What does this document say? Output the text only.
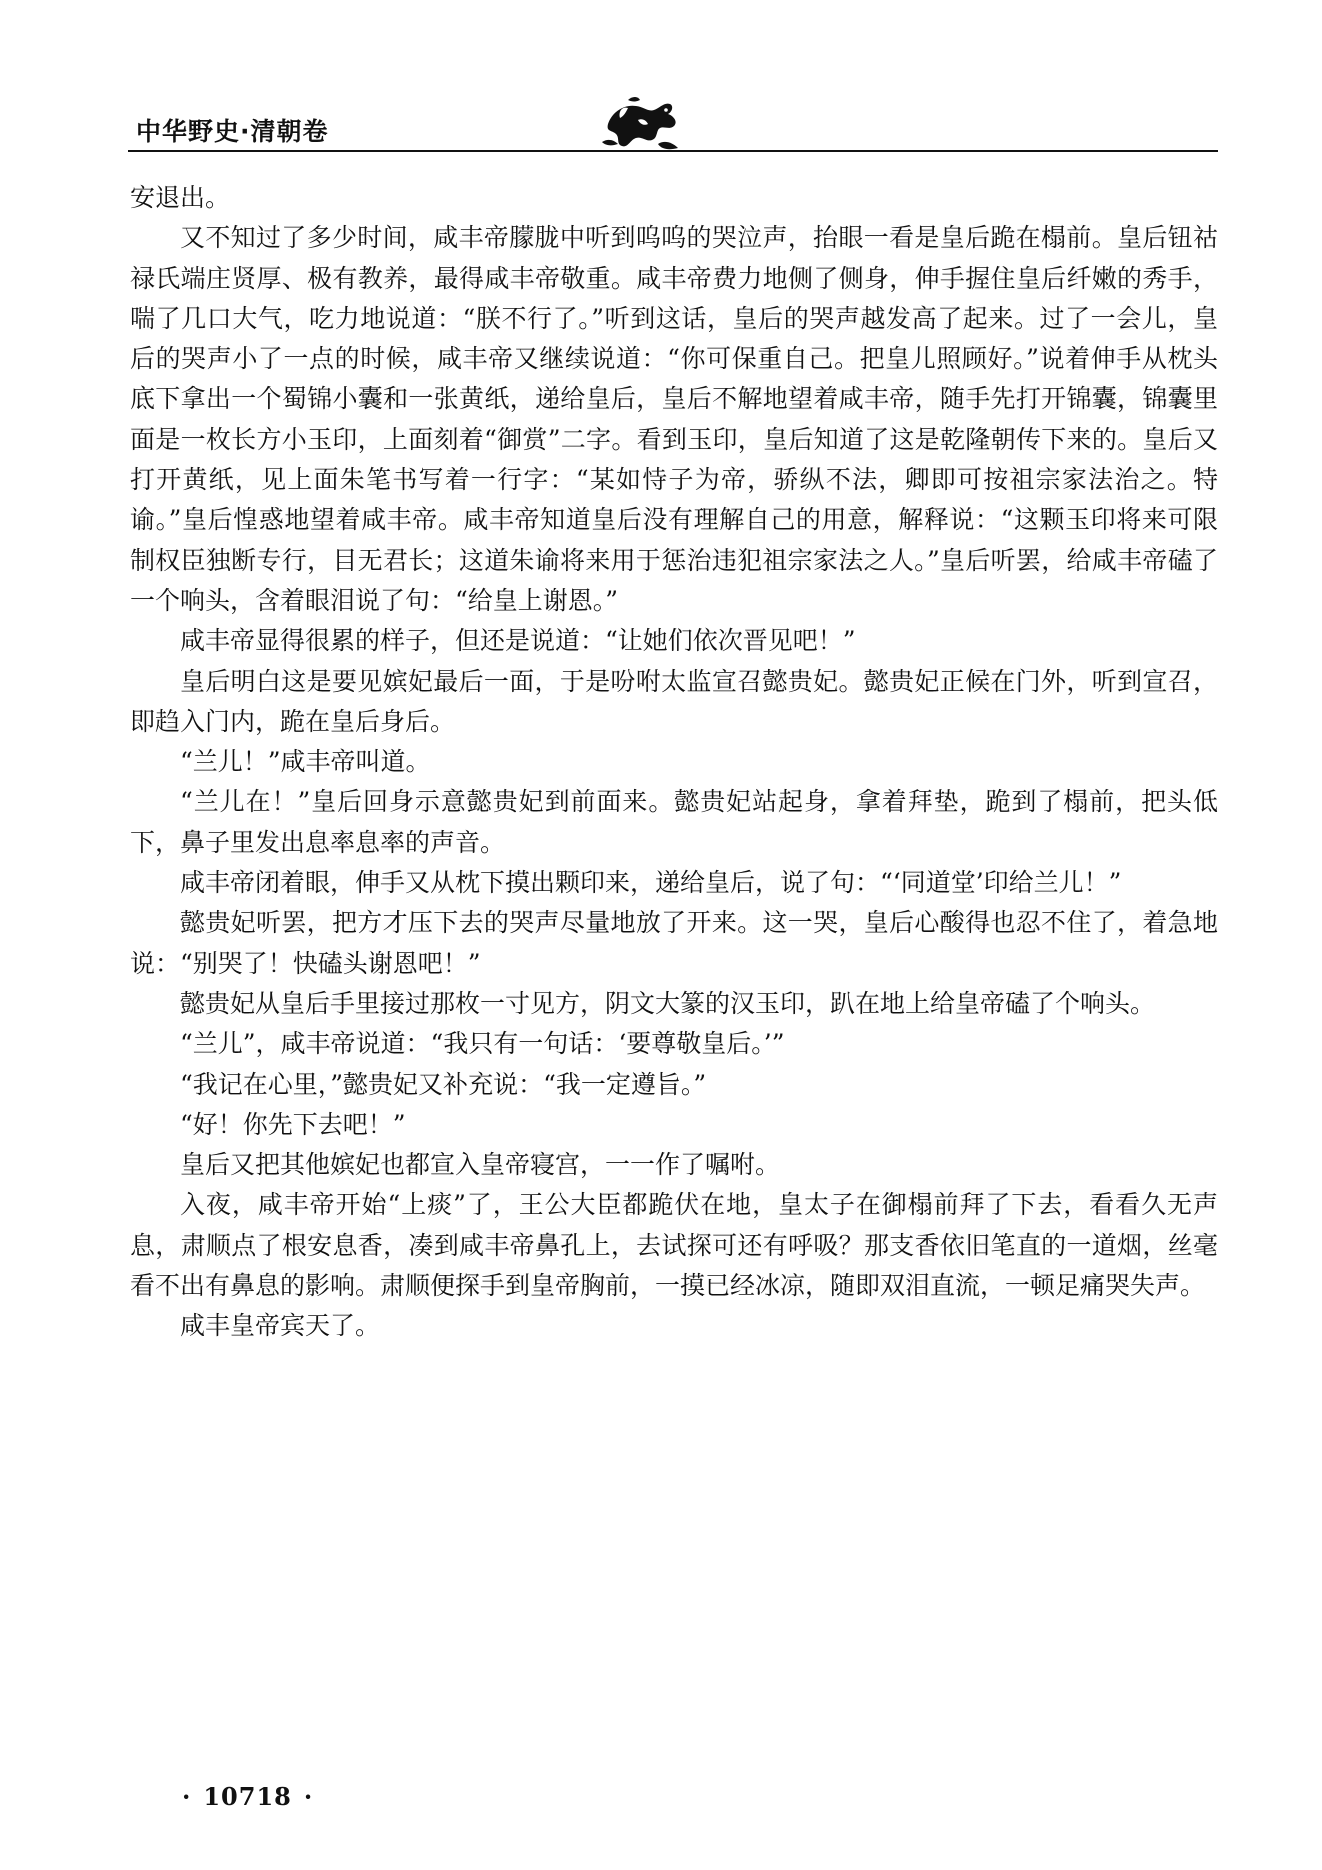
中华野史·清朝卷

安退出。

又不知过了多少时间，咸丰帝朦胧中听到呜呜的哭泣声，抬眼一看是皇后跪在榻前。皇后钮祜禄氏端庄贤厚、极有教养，最得咸丰帝敬重。咸丰帝费力地侧了侧身，伸手握住皇后纤嫩的秀手，喘了几口大气，吃力地说道：“朕不行了。”听到这话，皇后的哭声越发高了起来。过了一会儿，皇后的哭声小了一点的时候，咸丰帝又继续说道：“你可保重自己。把皇儿照顾好。”说着伸手从枕头底下拿出一个蜀锦小囊和一张黄纸，递给皇后，皇后不解地望着咸丰帝，随手先打开锦囊，锦囊里面是一枚长方小玉印，上面刻着“御赏”二字。看到玉印，皇后知道了这是乾隆朝传下来的。皇后又打开黄纸，见上面朱笔书写着一行字：“某如恃子为帝，骄纵不法，卿即可按祖宗家法治之。特谕。”皇后惶惑地望着咸丰帝。咸丰帝知道皇后没有理解自己的用意，解释说：“这颗玉印将来可限制权臣独断专行，目无君长；这道朱谕将来用于惩治违犯祖宗家法之人。”皇后听罢，给咸丰帝磕了一个响头，含着眼泪说了句：“给皇上谢恩。”

咸丰帝显得很累的样子，但还是说道：“让她们依次晋见吧！”

皇后明白这是要见嫔妃最后一面，于是吩咐太监宣召懿贵妃。懿贵妃正候在门外，听到宣召，即趋入门内，跪在皇后身后。

“兰儿！”咸丰帝叫道。

“兰儿在！”皇后回身示意懿贵妃到前面来。懿贵妃站起身，拿着拜垫，跪到了榻前，把头低下，鼻子里发出息率息率的声音。

咸丰帝闭着眼，伸手又从枕下摸出颗印来，递给皇后，说了句：“‘同道堂’印给兰儿！”

懿贵妃听罢，把方才压下去的哭声尽量地放了开来。这一哭，皇后心酸得也忍不住了，着急地说：“别哭了！快磕头谢恩吧！”

懿贵妃从皇后手里接过那枚一寸见方，阴文大篆的汉玉印，趴在地上给皇帝磕了个响头。

“兰儿”，咸丰帝说道：“我只有一句话：‘要尊敬皇后。’”

“我记在心里，”懿贵妃又补充说：“我一定遵旨。”

“好！你先下去吧！”

皇后又把其他嫔妃也都宣入皇帝寝宫，一一作了嘱咐。

入夜，咸丰帝开始“上痰”了，王公大臣都跪伏在地，皇太子在御榻前拜了下去，看看久无声息，肃顺点了根安息香，凑到咸丰帝鼻孔上，去试探可还有呼吸？那支香依旧笔直的一道烟，丝毫看不出有鼻息的影响。肃顺便探手到皇帝胸前，一摸已经冰凉，随即双泪直流，一顿足痛哭失声。

咸丰皇帝宾天了。

· 10718 ·
